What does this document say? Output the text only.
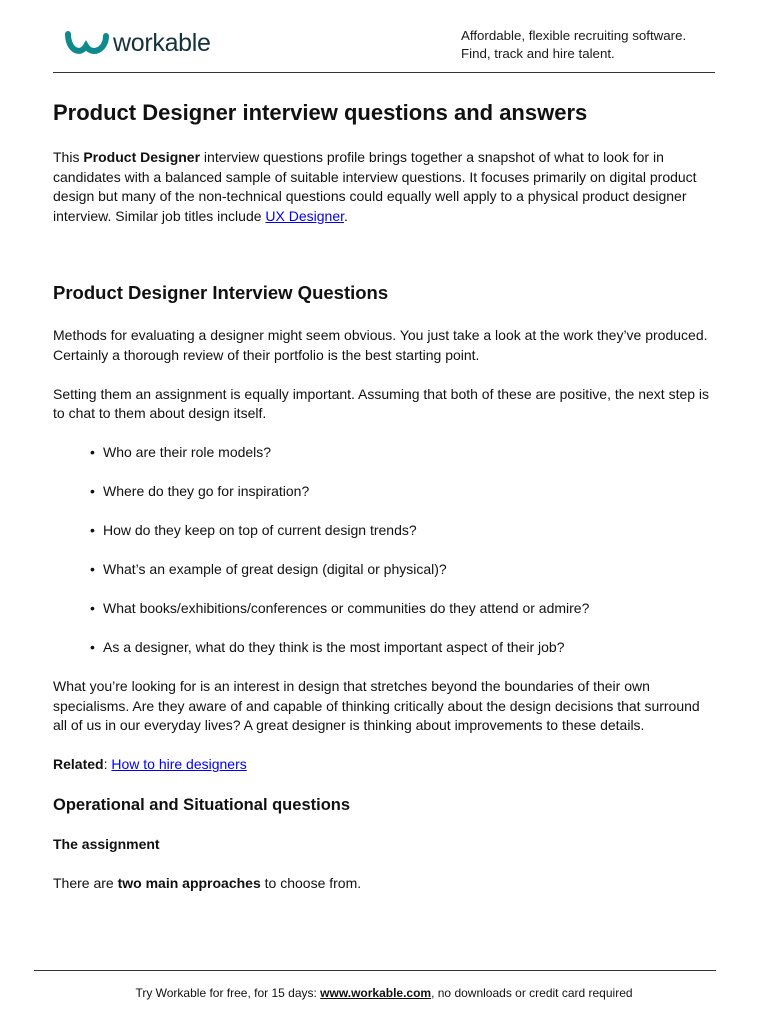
workable	Affordable, flexible recruiting software.
Find, track and hire talent.
Product Designer interview questions and answers

This Product Designer interview questions profile brings together a snapshot of what to look for in candidates with a balanced sample of suitable interview questions. It focuses primarily on digital product design but many of the non-technical questions could equally well apply to a physical product designer interview. Similar job titles include UX Designer.

Product Designer Interview Questions

Methods for evaluating a designer might seem obvious. You just take a look at the work they’ve produced. Certainly a thorough review of their portfolio is the best starting point.

Setting them an assignment is equally important. Assuming that both of these are positive, the next step is to chat to them about design itself.

• Who are their role models?
• Where do they go for inspiration?
• How do they keep on top of current design trends?
• What’s an example of great design (digital or physical)?
• What books/exhibitions/conferences or communities do they attend or admire?
• As a designer, what do they think is the most important aspect of their job?

What you’re looking for is an interest in design that stretches beyond the boundaries of their own specialisms. Are they aware of and capable of thinking critically about the design decisions that surround all of us in our everyday lives? A great designer is thinking about improvements to these details.

Related: How to hire designers

Operational and Situational questions
The assignment

There are two main approaches to choose from.

Try Workable for free, for 15 days: www.workable.com, no downloads or credit card required
